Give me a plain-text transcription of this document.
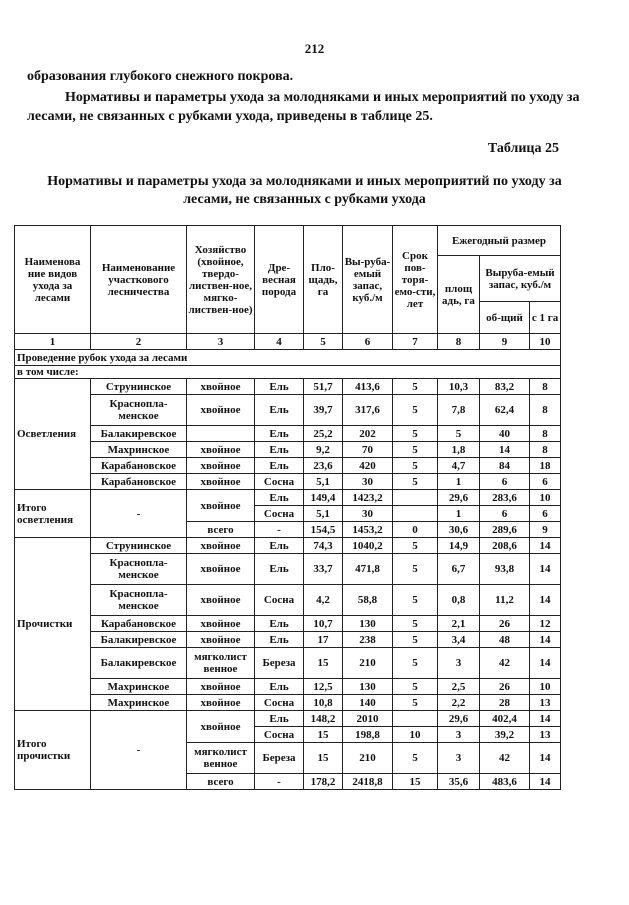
212
образования глубокого снежного покрова.
Нормативы и параметры ухода за молодняками и иных мероприятий по уходу за лесами, не связанных с рубками ухода, приведены в таблице 25.
Таблица 25
Нормативы и параметры ухода за молодняками и иных мероприятий по уходу за лесами, не связанных с рубками ухода
Наименова ние видов ухода за лесами	Наименование участкового лесничества	Хозяйство (хвойное, твердо-листвен-ное, мягко-листвен-ное)	Дре-весная порода	Пло-щадь, га	Вы-руба-емый запас, куб./м	Срок пов-торя-емо-сти, лет	Ежегодный размер		
							площ адь, га	Выруба-емый запас, куб./м	
								об-щий	с 1 га
1	2	3	4	5	6	7	8	9	10
Проведение рубок ухода за лесами									
в том числе:									
Осветления	Струнинское	хвойное	Ель	51,7	413,6	5	10,3	83,2	8
	Краснопла-менское	хвойное	Ель	39,7	317,6	5	7,8	62,4	8
	Балакиревское		Ель	25,2	202	5	5	40	8
	Махринское	хвойное	Ель	9,2	70	5	1,8	14	8
	Карабановское	хвойное	Ель	23,6	420	5	4,7	84	18
	Карабановское	хвойное	Сосна	5,1	30	5	1	6	6
Итого осветления	-	хвойное	Ель	149,4	1423,2		29,6	283,6	10
			Сосна	5,1	30		1	6	6
		всего	-	154,5	1453,2	0	30,6	289,6	9
Прочистки	Струнинское	хвойное	Ель	74,3	1040,2	5	14,9	208,6	14
	Краснопла-менское	хвойное	Ель	33,7	471,8	5	6,7	93,8	14
	Краснопла-менское	хвойное	Сосна	4,2	58,8	5	0,8	11,2	14
	Карабановское	хвойное	Ель	10,7	130	5	2,1	26	12
	Балакиревское	хвойное	Ель	17	238	5	3,4	48	14
	Балакиревское	мягколист венное	Береза	15	210	5	3	42	14
	Махринское	хвойное	Ель	12,5	130	5	2,5	26	10
	Махринское	хвойное	Сосна	10,8	140	5	2,2	28	13
Итого прочистки	-	хвойное	Ель	148,2	2010		29,6	402,4	14
			Сосна	15	198,8	10	3	39,2	13
		мягколист венное	Береза	15	210	5	3	42	14
		всего	-	178,2	2418,8	15	35,6	483,6	14
